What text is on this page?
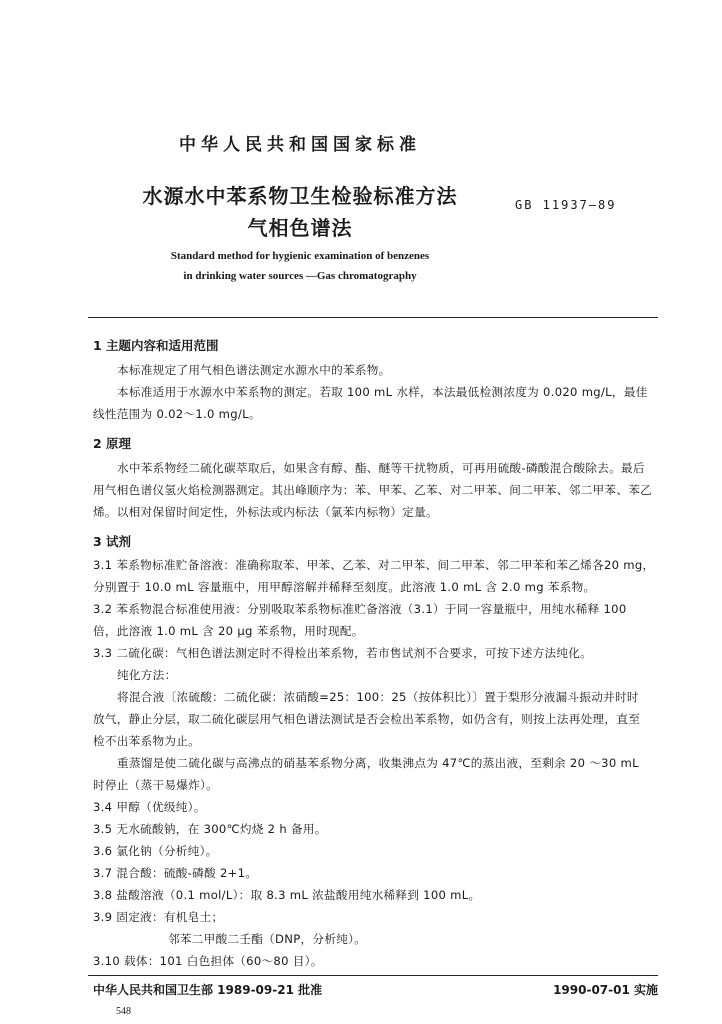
中华人民共和国国家标准
水源水中苯系物卫生检验标准方法
气相色谱法
GB 11937—89
Standard method for hygienic examination of benzenes
in drinking water sources —Gas chromatography
1 主题内容和适用范围
本标准规定了用气相色谱法测定水源水中的苯系物。
本标准适用于水源水中苯系物的测定。若取 100 mL 水样，本法最低检测浓度为 0.020 mg/L，最佳
线性范围为 0.02～1.0 mg/L。
2 原理
水中苯系物经二硫化碳萃取后，如果含有醇、酯、醚等干扰物质，可再用硫酸-磷酸混合酸除去。最后
用气相色谱仪氢火焰检测器测定。其出峰顺序为：苯、甲苯、乙苯、对二甲苯、间二甲苯、邻二甲苯、苯乙
烯。以相对保留时间定性，外标法或内标法（氯苯内标物）定量。
3 试剂
3.1 苯系物标准贮备溶液：准确称取苯、甲苯、乙苯、对二甲苯、间二甲苯、邻二甲苯和苯乙烯各20 mg，
分别置于 10.0 mL 容量瓶中，用甲醇溶解并稀释至刻度。此溶液 1.0 mL 含 2.0 mg 苯系物。
3.2 苯系物混合标准使用液：分别吸取苯系物标准贮备溶液（3.1）于同一容量瓶中，用纯水稀释 100
倍，此溶液 1.0 mL 含 20 μg 苯系物，用时现配。
3.3 二硫化碳：气相色谱法测定时不得检出苯系物，若市售试剂不合要求，可按下述方法纯化。
纯化方法：
将混合液〔浓硫酸：二硫化碳：浓硝酸=25：100：25（按体积比）〕置于梨形分液漏斗振动并时时
放气，静止分层，取二硫化碳层用气相色谱法测试是否会检出苯系物，如仍含有，则按上法再处理，直至
检不出苯系物为止。
重蒸馏是使二硫化碳与高沸点的硝基苯系物分离，收集沸点为 47℃的蒸出液，至剩余 20 ～30 mL
时停止（蒸干易爆炸）。
3.4 甲醇（优级纯）。
3.5 无水硫酸钠，在 300℃灼烧 2 h 备用。
3.6 氯化钠（分析纯）。
3.7 混合酸：硫酸-磷酸 2+1。
3.8 盐酸溶液（0.1 mol/L）：取 8.3 mL 浓盐酸用纯水稀释到 100 mL。
3.9 固定液：有机皂土；
邻苯二甲酸二壬酯（DNP，分析纯）。
3.10 载体：101 白色担体（60～80 目）。
中华人民共和国卫生部 1989-09-21 批准	1990-07-01 实施
548
